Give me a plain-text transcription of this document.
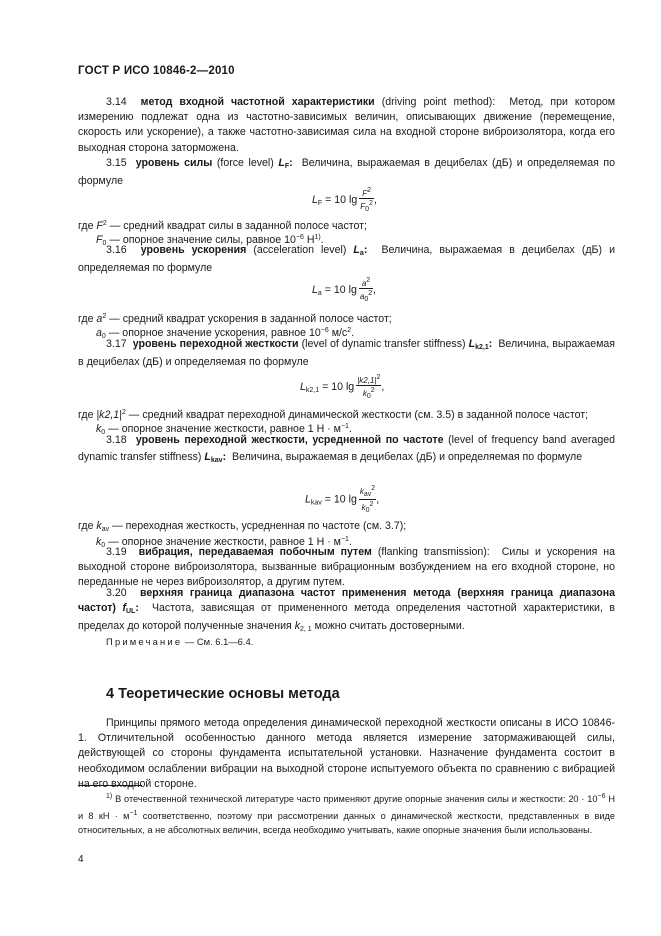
ГОСТ Р ИСО 10846-2—2010
3.14 метод входной частотной характеристики (driving point method): Метод, при котором измерению подлежат одна из частотно-зависимых величин, описывающих движение (перемещение, скорость или ускорение), а также частотно-зависимая сила на входной стороне виброизолятора, когда его выходная сторона заторможена.
3.15 уровень силы (force level) $L_F$: Величина, выражаемая в децибелах (дБ) и определяемая по формуле
$L_F = 10$ $\lg \frac{F2}{F02}$ ,
где $F^2$ — средний квадрат силы в заданной полосе частот;
$F_0$ — опорное значение силы, равное $10^{-6}$ $Н^{1)}$.
3.16 уровень ускорения (acceleration level) $L_a$: Величина, выражаемая в децибелах (дБ) и определяемая по формуле
$L_a = 10$ $\lg \frac{a2}{a02}$ ,
где $a^2$ — средний квадрат ускорения в заданной полосе частот;
$a_0$ — опорное значение ускорения, равное $10^{-6}$ $м/с^2$.
3.17 уровень переходной жесткости (level of dynamic transfer stiffness) $L_{k2,1}$: Величина, выражаемая в децибелах (дБ) и определяемая по формуле
$L_{k2,1} = 10$ $\lg \frac{|k2,1|2}{k02}$ ,
где $|k2,1|^2$ — средний квадрат переходной динамической жесткости (см. 3.5) в заданной полосе частот;
$k_0$ — опорное значение жесткости, равное 1 $Н \cdot м^{-1}$.
3.18 уровень переходной жесткости, усредненной по частоте (level of frequency band averaged dynamic transfer stiffness) $L_{kav}$: Величина, выражаемая в децибелах (дБ) и определяемая по формуле
$L_{kav} = 10$ $\lg \frac{\text{kav2}}{k02}$ ,
где $k_{av}$ — переходная жесткость, усредненная по частоте (см. 3.7);
$k_0$ — опорное значение жесткости, равное 1 $Н \cdot м^{-1}$.
3.19 вибрация, передаваемая побочным путем (flanking transmission): Силы и ускорения на выходной стороне виброизолятора, вызванные вибрационным возбуждением на его входной стороне, но переданные не через виброизолятор, а другим путем.
3.20 верхняя граница диапазона частот применения метода (верхняя граница диапазона частот) $f_{UL}$: Частота, зависящая от примененного метода определения частотной характеристики, в пределах до которой полученные значения $k_{2, 1}$ можно считать достоверными.
Примечание — См. 6.1—6.4.
4 Теоретические основы метода
Принципы прямого метода определения динамической переходной жесткости описаны в ИСО 10846-1. Отличительной особенностью данного метода является измерение затормаживающей силы, действующей со стороны фундамента испытательной установки. Назначение фундамента состоит в необходимом ослаблении вибрации на выходной стороне испытуемого объекта по сравнению с вибрацией на его входной стороне.
$^{1)}$ В отечественной технической литературе часто применяют другие опорные значения силы и жесткости: $20 \cdot 10^{-6}$ Н и 8 кН · $м^{-1}$ соответственно, поэтому при рассмотрении данных о динамической жесткости, представленных в виде относительных, а не абсолютных величин, всегда необходимо учитывать, какие опорные значения были использованы.
4
